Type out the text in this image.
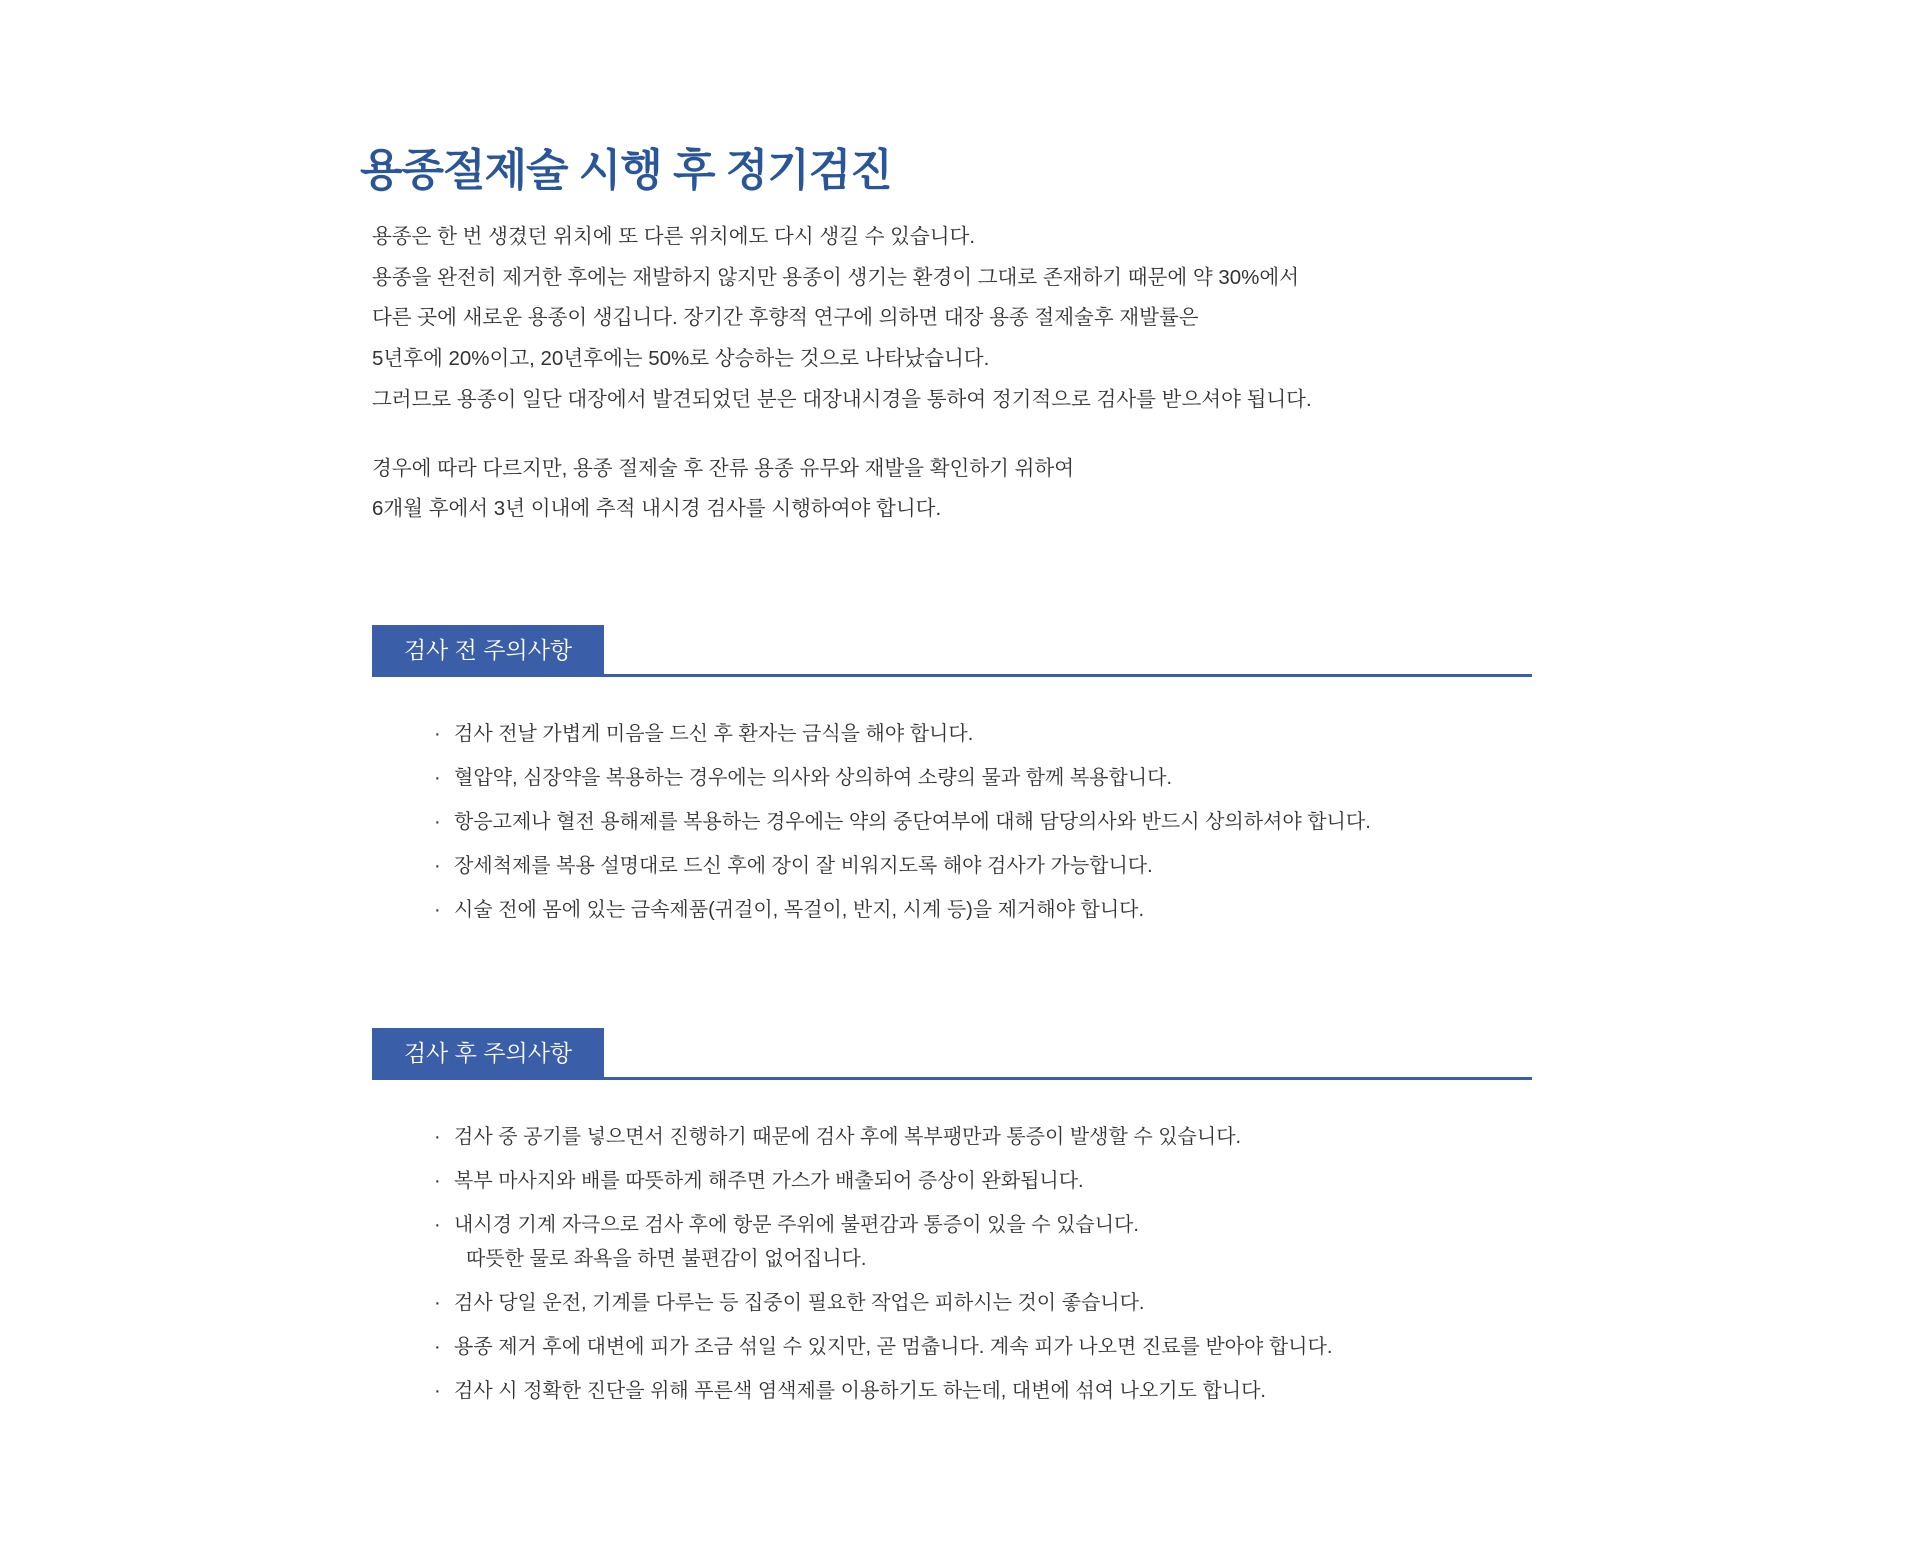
용종절제술 시행 후 정기검진

용종은 한 번 생겼던 위치에 또 다른 위치에도 다시 생길 수 있습니다.

용종을 완전히 제거한 후에는 재발하지 않지만 용종이 생기는 환경이 그대로 존재하기 때문에 약 30%에서

다른 곳에 새로운 용종이 생깁니다. 장기간 후향적 연구에 의하면 대장 용종 절제술후 재발률은

5년후에 20%이고, 20년후에는 50%로 상승하는 것으로 나타났습니다.

그러므로 용종이 일단 대장에서 발견되었던 분은 대장내시경을 통하여 정기적으로 검사를 받으셔야 됩니다.

경우에 따라 다르지만, 용종 절제술 후 잔류 용종 유무와 재발을 확인하기 위하여

6개월 후에서 3년 이내에 추적 내시경 검사를 시행하여야 합니다.

검사 전 주의사항
· 검사 전날 가볍게 미음을 드신 후 환자는 금식을 해야 합니다.
· 혈압약, 심장약을 복용하는 경우에는 의사와 상의하여 소량의 물과 함께 복용합니다.
· 항응고제나 혈전 용해제를 복용하는 경우에는 약의 중단여부에 대해 담당의사와 반드시 상의하셔야 합니다.
· 장세척제를 복용 설명대로 드신 후에 장이 잘 비워지도록 해야 검사가 가능합니다.
· 시술 전에 몸에 있는 금속제품(귀걸이, 목걸이, 반지, 시계 등)을 제거해야 합니다.
검사 후 주의사항
· 검사 중 공기를 넣으면서 진행하기 때문에 검사 후에 복부팽만과 통증이 발생할 수 있습니다.
· 복부 마사지와 배를 따뜻하게 해주면 가스가 배출되어 증상이 완화됩니다.
· 내시경 기계 자극으로 검사 후에 항문 주위에 불편감과 통증이 있을 수 있습니다.
따뜻한 물로 좌욕을 하면 불편감이 없어집니다.
· 검사 당일 운전, 기계를 다루는 등 집중이 필요한 작업은 피하시는 것이 좋습니다.
· 용종 제거 후에 대변에 피가 조금 섞일 수 있지만, 곧 멈춥니다. 계속 피가 나오면 진료를 받아야 합니다.
· 검사 시 정확한 진단을 위해 푸른색 염색제를 이용하기도 하는데, 대변에 섞여 나오기도 합니다.
